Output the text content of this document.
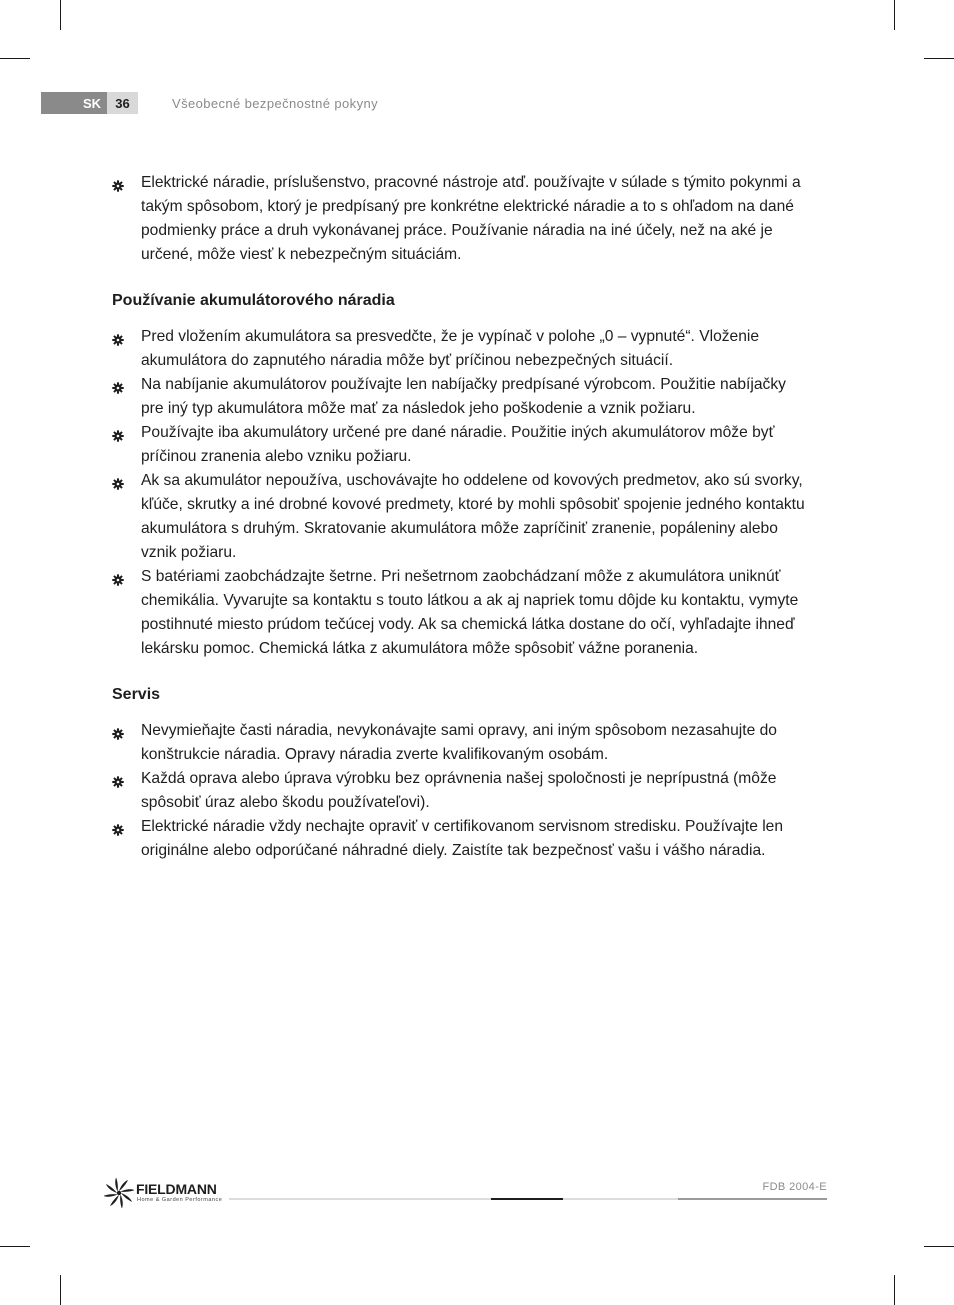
SK	36	Všeobecné bezpečnostné pokyny
Elektrické náradie, príslušenstvo, pracovné nástroje atď. používajte v súlade s týmito pokynmi a takým spôsobom, ktorý je predpísaný pre konkrétne elektrické náradie a to s ohľadom na dané podmienky práce a druh vykonávanej práce. Používanie náradia na iné účely, než na aké je určené, môže viesť k nebezpečným situáciám.
Používanie akumulátorového náradia
Pred vložením akumulátora sa presvedčte, že je vypínač v polohe „0 – vypnuté“. Vloženie akumulátora do zapnutého náradia môže byť príčinou nebezpečných situácií.
Na nabíjanie akumulátorov používajte len nabíjačky predpísané výrobcom. Použitie nabíjačky pre iný typ akumulátora môže mať za následok jeho poškodenie a vznik požiaru.
Používajte iba akumulátory určené pre dané náradie. Použitie iných akumulátorov môže byť príčinou zranenia alebo vzniku požiaru.
Ak sa akumulátor nepoužíva, uschovávajte ho oddelene od kovových predmetov, ako sú svorky, kľúče, skrutky a iné drobné kovové predmety, ktoré by mohli spôsobiť spojenie jedného kontaktu akumulátora s druhým. Skratovanie akumulátora môže zapríčiniť zranenie, popáleniny alebo vznik požiaru.
S batériami zaobchádzajte šetrne. Pri nešetrnom zaobchádzaní môže z akumulátora uniknúť chemikália. Vyvarujte sa kontaktu s touto látkou a ak aj napriek tomu dôjde ku kontaktu, vymyte postihnuté miesto prúdom tečúcej vody. Ak sa chemická látka dostane do očí, vyhľadajte ihneď lekársku pomoc. Chemická látka z akumulátora môže spôsobiť vážne poranenia.
Servis
Nevymieňajte časti náradia, nevykonávajte sami opravy, ani iným spôsobom nezasahujte do konštrukcie náradia. Opravy náradia zverte kvalifikovaným osobám.
Každá oprava alebo úprava výrobku bez oprávnenia našej spoločnosti je neprípustná (môže spôsobiť úraz alebo škodu používateľovi).
Elektrické náradie vždy nechajte opraviť v certifikovanom servisnom stredisku. Používajte len originálne alebo odporúčané náhradné diely. Zaistíte tak bezpečnosť vašu i vášho náradia.
FIELDMANN
Home & Garden Performance
FDB 2004-E
